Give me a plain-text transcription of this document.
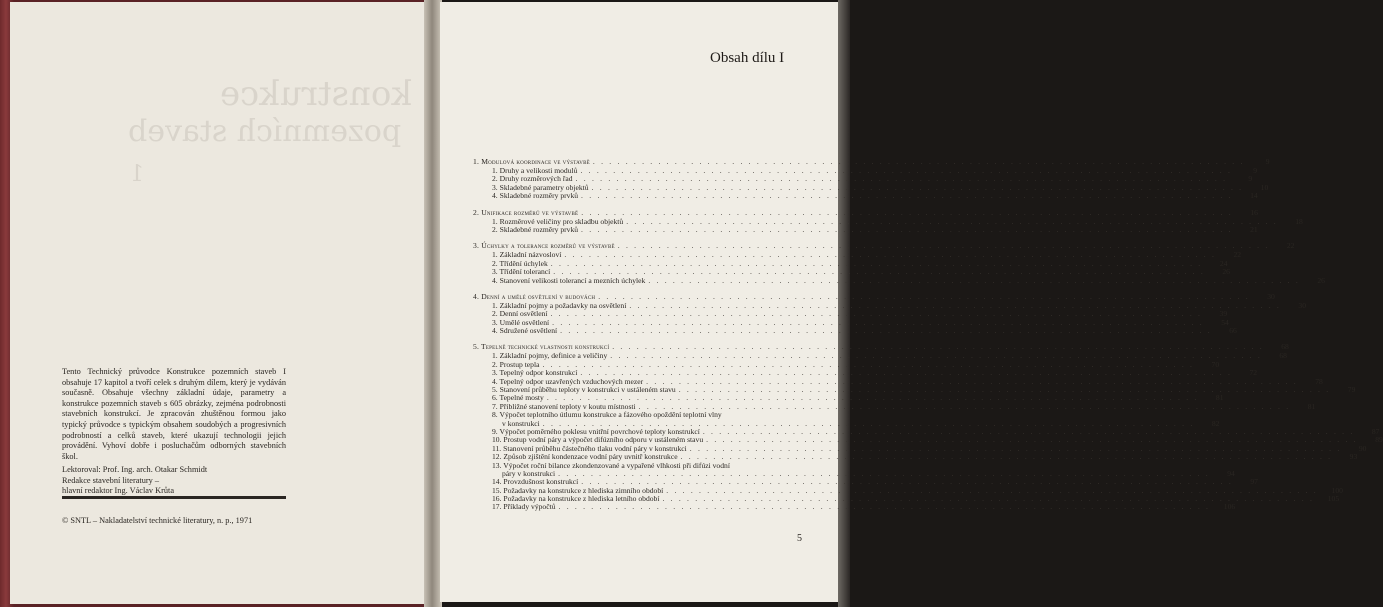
konstrukce
pozemních staveb
1
Tento Technický průvodce Konstrukce pozemních staveb I obsahuje 17 kapitol a tvoří celek s druhým dílem, který je vydáván současně. Obsahuje všechny základní údaje, parametry a konstrukce pozemních staveb s 605 obrázky, zejména podrobnosti stavebních konstrukcí. Je zpracován zhuštěnou formou jako typický průvodce s typickým obsahem soudobých a progresivních podrobností a celků staveb, které ukazují technologii jejich provádění. Vyhoví dobře i posluchačům odborných stavebních škol.
Lektoroval: Prof. Ing. arch. Otakar Schmidt
Redakce stavební literatury –
hlavní redaktor Ing. Václav Krůta
© SNTL – Nakladatelství technické literatury, n. p., 1971
Obsah dílu I
1. Modulová koordinace ve výstavbě . . . . . . . . . . . . . . . . . . . . . . . . . . . . . . . . . . . . . . . . . . . . . . . . . . . . . . . . . . . . . . . . . . . . . . . . . . . . . . . .	9
1. Druhy a velikosti modulů . . . . . . . . . . . . . . . . . . . . . . . . . . . . . . . . . . . . . . . . . . . . . . . . . . . . . . . . . . . . . . . . . . . . . . . . . . . . . . . .	9
2. Druhy rozměrových řad . . . . . . . . . . . . . . . . . . . . . . . . . . . . . . . . . . . . . . . . . . . . . . . . . . . . . . . . . . . . . . . . . . . . . . . . . . . . . . . .	9
3. Skladebné parametry objektů . . . . . . . . . . . . . . . . . . . . . . . . . . . . . . . . . . . . . . . . . . . . . . . . . . . . . . . . . . . . . . . . . . . . . . . . . . . . . . . .	10
4. Skladebné rozměry prvků . . . . . . . . . . . . . . . . . . . . . . . . . . . . . . . . . . . . . . . . . . . . . . . . . . . . . . . . . . . . . . . . . . . . . . . . . . . . . . . .	14
2. Unifikace rozměrů ve výstavbě . . . . . . . . . . . . . . . . . . . . . . . . . . . . . . . . . . . . . . . . . . . . . . . . . . . . . . . . . . . . . . . . . . . . . . . . . . . . . . . .	16
1. Rozměrové veličiny pro skladbu objektů . . . . . . . . . . . . . . . . . . . . . . . . . . . . . . . . . . . . . . . . . . . . . . . . . . . . . . . . . . . . . . . . . . . . . . . . . . . . . . . .	18
2. Skladebné rozměry prvků . . . . . . . . . . . . . . . . . . . . . . . . . . . . . . . . . . . . . . . . . . . . . . . . . . . . . . . . . . . . . . . . . . . . . . . . . . . . . . . .	21
3. Úchylky a tolerance rozměrů ve výstavbě . . . . . . . . . . . . . . . . . . . . . . . . . . . . . . . . . . . . . . . . . . . . . . . . . . . . . . . . . . . . . . . . . . . . . . . . . . . . . . . .	22
1. Základní názvosloví . . . . . . . . . . . . . . . . . . . . . . . . . . . . . . . . . . . . . . . . . . . . . . . . . . . . . . . . . . . . . . . . . . . . . . . . . . . . . . . .	22
2. Třídění úchylek . . . . . . . . . . . . . . . . . . . . . . . . . . . . . . . . . . . . . . . . . . . . . . . . . . . . . . . . . . . . . . . . . . . . . . . . . . . . . . . .	24
3. Třídění tolerancí . . . . . . . . . . . . . . . . . . . . . . . . . . . . . . . . . . . . . . . . . . . . . . . . . . . . . . . . . . . . . . . . . . . . . . . . . . . . . . . .	26
4. Stanovení velikosti tolerancí a mezních úchylek . . . . . . . . . . . . . . . . . . . . . . . . . . . . . . . . . . . . . . . . . . . . . . . . . . . . . . . . . . . . . . . . . . . . . . . . . . . . . . . .	26
4. Denní a umělé osvětlení v budovách . . . . . . . . . . . . . . . . . . . . . . . . . . . . . . . . . . . . . . . . . . . . . . . . . . . . . . . . . . . . . . . . . . . . . . . . . . . . . . . .	30
1. Základní pojmy a požadavky na osvětlení . . . . . . . . . . . . . . . . . . . . . . . . . . . . . . . . . . . . . . . . . . . . . . . . . . . . . . . . . . . . . . . . . . . . . . . . . . . . . . . .	30
2. Denní osvětlení . . . . . . . . . . . . . . . . . . . . . . . . . . . . . . . . . . . . . . . . . . . . . . . . . . . . . . . . . . . . . . . . . . . . . . . . . . . . . . . .	39
3. Umělé osvětlení . . . . . . . . . . . . . . . . . . . . . . . . . . . . . . . . . . . . . . . . . . . . . . . . . . . . . . . . . . . . . . . . . . . . . . . . . . . . . . . .	54
4. Sdružené osvětlení . . . . . . . . . . . . . . . . . . . . . . . . . . . . . . . . . . . . . . . . . . . . . . . . . . . . . . . . . . . . . . . . . . . . . . . . . . . . . . . .	66
5. Tepelně technické vlastnosti konstrukcí . . . . . . . . . . . . . . . . . . . . . . . . . . . . . . . . . . . . . . . . . . . . . . . . . . . . . . . . . . . . . . . . . . . . . . . . . . . . . . . .	68
1. Základní pojmy, definice a veličiny . . . . . . . . . . . . . . . . . . . . . . . . . . . . . . . . . . . . . . . . . . . . . . . . . . . . . . . . . . . . . . . . . . . . . . . . . . . . . . . .	68
2. Prostup tepla . . . . . . . . . . . . . . . . . . . . . . . . . . . . . . . . . . . . . . . . . . . . . . . . . . . . . . . . . . . . . . . . . . . . . . . . . . . . . . . .	70
3. Tepelný odpor konstrukcí . . . . . . . . . . . . . . . . . . . . . . . . . . . . . . . . . . . . . . . . . . . . . . . . . . . . . . . . . . . . . . . . . . . . . . . . . . . . . . . .	72
4. Tepelný odpor uzavřených vzduchových mezer . . . . . . . . . . . . . . . . . . . . . . . . . . . . . . . . . . . . . . . . . . . . . . . . . . . . . . . . . . . . . . . . . . . . . . . . . . . . . . . .	78
5. Stanovení průběhu teploty v konstrukci v ustáleném stavu . . . . . . . . . . . . . . . . . . . . . . . . . . . . . . . . . . . . . . . . . . . . . . . . . . . . . . . . . . . . . . . . . . . . . . . . . . . . . . . .	79
6. Tepelné mosty . . . . . . . . . . . . . . . . . . . . . . . . . . . . . . . . . . . . . . . . . . . . . . . . . . . . . . . . . . . . . . . . . . . . . . . . . . . . . . . .	81
7. Přibližné stanovení teploty v koutu místnosti . . . . . . . . . . . . . . . . . . . . . . . . . . . . . . . . . . . . . . . . . . . . . . . . . . . . . . . . . . . . . . . . . . . . . . . . . . . . . . . .	81
8. Výpočet teplotního útlumu konstrukce a fázového opoždění teplotní vlny
v konstrukci . . . . . . . . . . . . . . . . . . . . . . . . . . . . . . . . . . . . . . . . . . . . . . . . . . . . . . . . . . . . . . . . . . . . . . . . . . . . . . . .	82
9. Výpočet poměrného poklesu vnitřní povrchové teploty konstrukcí . . . . . . . . . . . . . . . . . . . . . . . . . . . . . . . . . . . . . . . . . . . . . . . . . . . . . . . . . . . . . . . . . . . . . . . . . . . . . . . .	87
10. Prostup vodní páry a výpočet difúzního odporu v ustáleném stavu . . . . . . . . . . . . . . . . . . . . . . . . . . . . . . . . . . . . . . . . . . . . . . . . . . . . . . . . . . . . . . . . . . . . . . . . . . . . . . . .	89
11. Stanovení průběhu částečného tlaku vodní páry v konstrukci . . . . . . . . . . . . . . . . . . . . . . . . . . . . . . . . . . . . . . . . . . . . . . . . . . . . . . . . . . . . . . . . . . . . . . . . . . . . . . . .	90
12. Způsob zjištění kondenzace vodní páry uvnitř konstrukce . . . . . . . . . . . . . . . . . . . . . . . . . . . . . . . . . . . . . . . . . . . . . . . . . . . . . . . . . . . . . . . . . . . . . . . . . . . . . . . .	93
13. Výpočet roční bilance zkondenzované a vypařené vlhkosti při difúzi vodní
páry v konstrukci . . . . . . . . . . . . . . . . . . . . . . . . . . . . . . . . . . . . . . . . . . . . . . . . . . . . . . . . . . . . . . . . . . . . . . . . . . . . . . . .	94
14. Provzdušnost konstrukcí . . . . . . . . . . . . . . . . . . . . . . . . . . . . . . . . . . . . . . . . . . . . . . . . . . . . . . . . . . . . . . . . . . . . . . . . . . . . . . . .	97
15. Požadavky na konstrukce z hlediska zimního období . . . . . . . . . . . . . . . . . . . . . . . . . . . . . . . . . . . . . . . . . . . . . . . . . . . . . . . . . . . . . . . . . . . . . . . . . . . . . . . .	100
16. Požadavky na konstrukce z hlediska letního období . . . . . . . . . . . . . . . . . . . . . . . . . . . . . . . . . . . . . . . . . . . . . . . . . . . . . . . . . . . . . . . . . . . . . . . . . . . . . . . .	105
17. Příklady výpočtů . . . . . . . . . . . . . . . . . . . . . . . . . . . . . . . . . . . . . . . . . . . . . . . . . . . . . . . . . . . . . . . . . . . . . . . . . . . . . . . .	106
5
